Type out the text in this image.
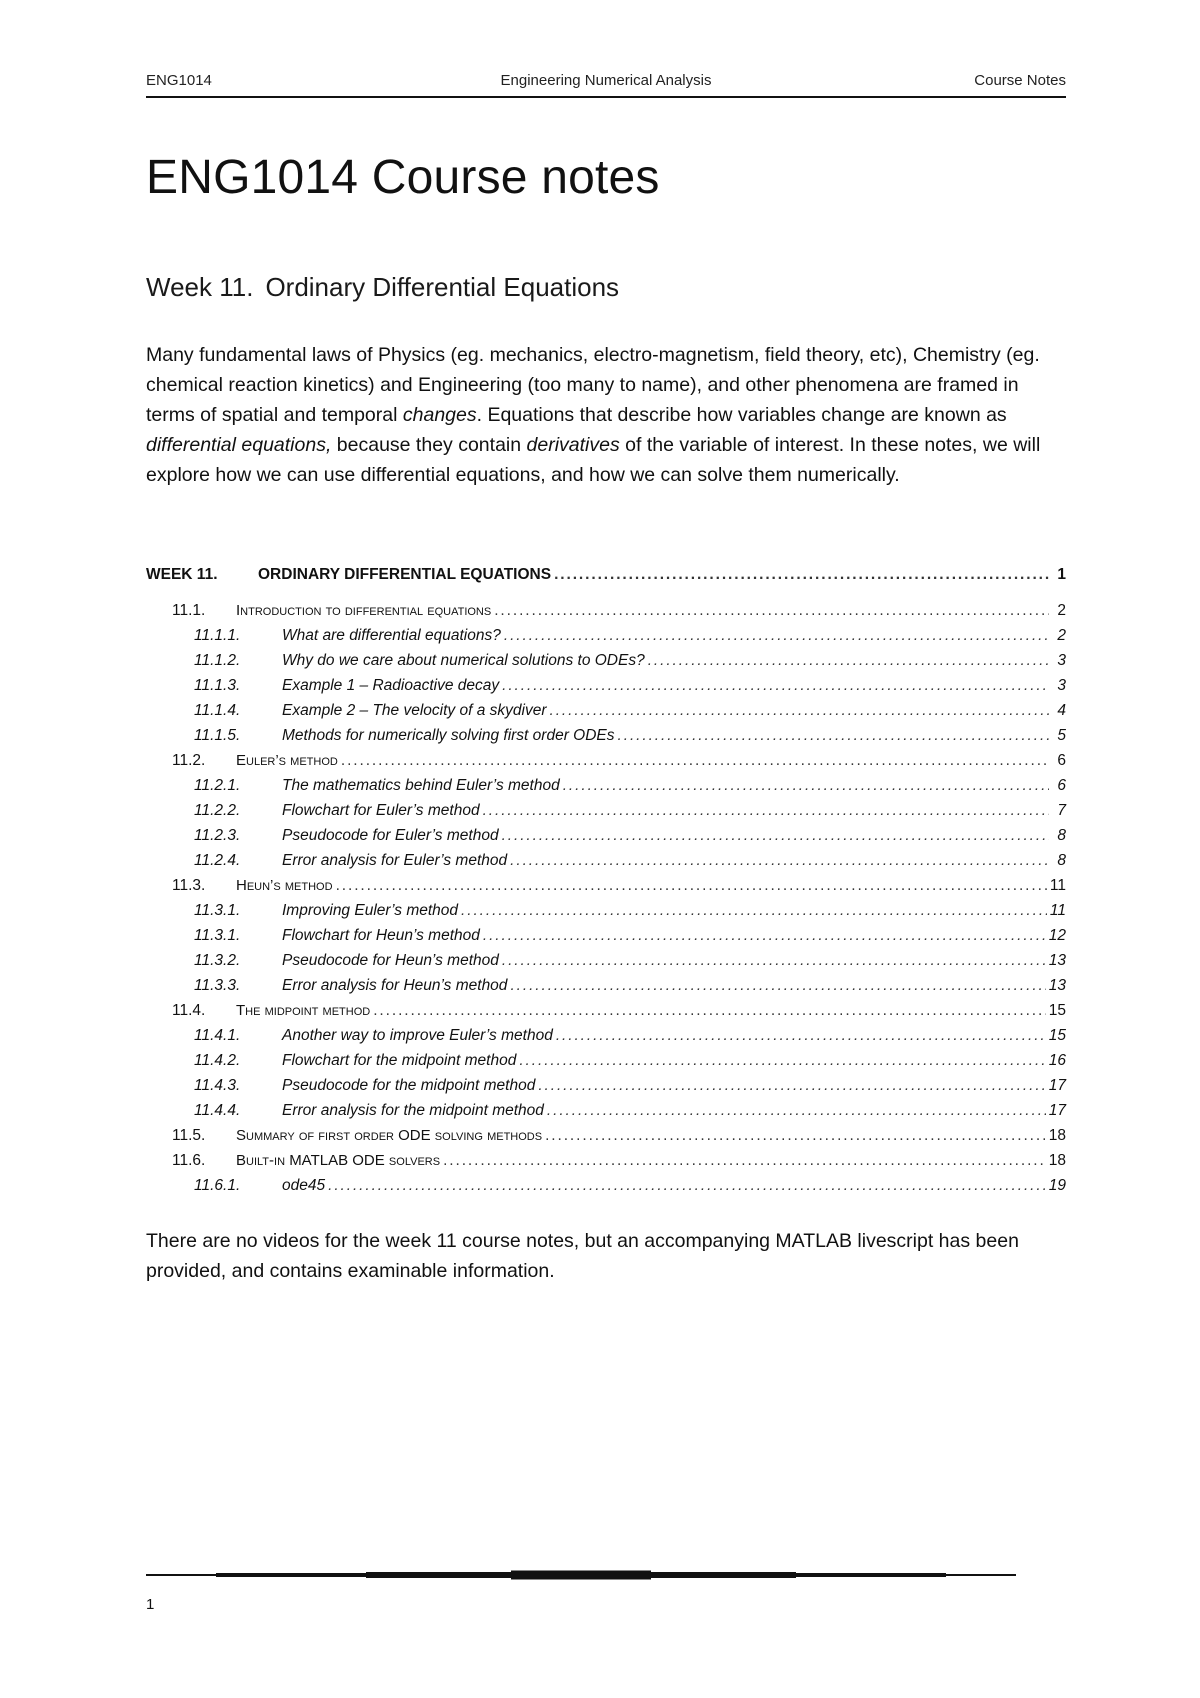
ENG1014	Engineering Numerical Analysis	Course Notes
ENG1014 Course notes
Week 11. Ordinary Differential Equations

Many fundamental laws of Physics (eg. mechanics, electro-magnetism, field theory, etc), Chemistry (eg. chemical reaction kinetics) and Engineering (too many to name), and other phenomena are framed in terms of spatial and temporal changes. Equations that describe how variables change are known as differential equations, because they contain derivatives of the variable of interest. In these notes, we will explore how we can use differential equations, and how we can solve them numerically.

WEEK 11.	ORDINARY DIFFERENTIAL EQUATIONS . . .	1
11.1.	Introduction to differential equations . . .	2
11.1.1.	What are differential equations? . . .	2
11.1.2.	Why do we care about numerical solutions to ODEs? . . .	3
11.1.3.	Example 1 – Radioactive decay . . .	3
11.1.4.	Example 2 – The velocity of a skydiver . . .	4
11.1.5.	Methods for numerically solving first order ODEs . . .	5
11.2.	Euler’s method . . .	6
11.2.1.	The mathematics behind Euler’s method . . .	6
11.2.2.	Flowchart for Euler’s method . . .	7
11.2.3.	Pseudocode for Euler’s method . . .	8
11.2.4.	Error analysis for Euler’s method . . .	8
11.3.	Heun’s method . . .	11
11.3.1.	Improving Euler’s method . . .	11
11.3.1.	Flowchart for Heun’s method . . .	12
11.3.2.	Pseudocode for Heun’s method . . .	13
11.3.3.	Error analysis for Heun’s method . . .	13
11.4.	The midpoint method . . .	15
11.4.1.	Another way to improve Euler’s method . . .	15
11.4.2.	Flowchart for the midpoint method . . .	16
11.4.3.	Pseudocode for the midpoint method . . .	17
11.4.4.	Error analysis for the midpoint method . . .	17
11.5.	Summary of first order ODE solving methods . . .	18
11.6.	Built-in MATLAB ODE solvers . . .	18
11.6.1.	ode45 . . .	19

There are no videos for the week 11 course notes, but an accompanying MATLAB livescript has been provided, and contains examinable information.

1
